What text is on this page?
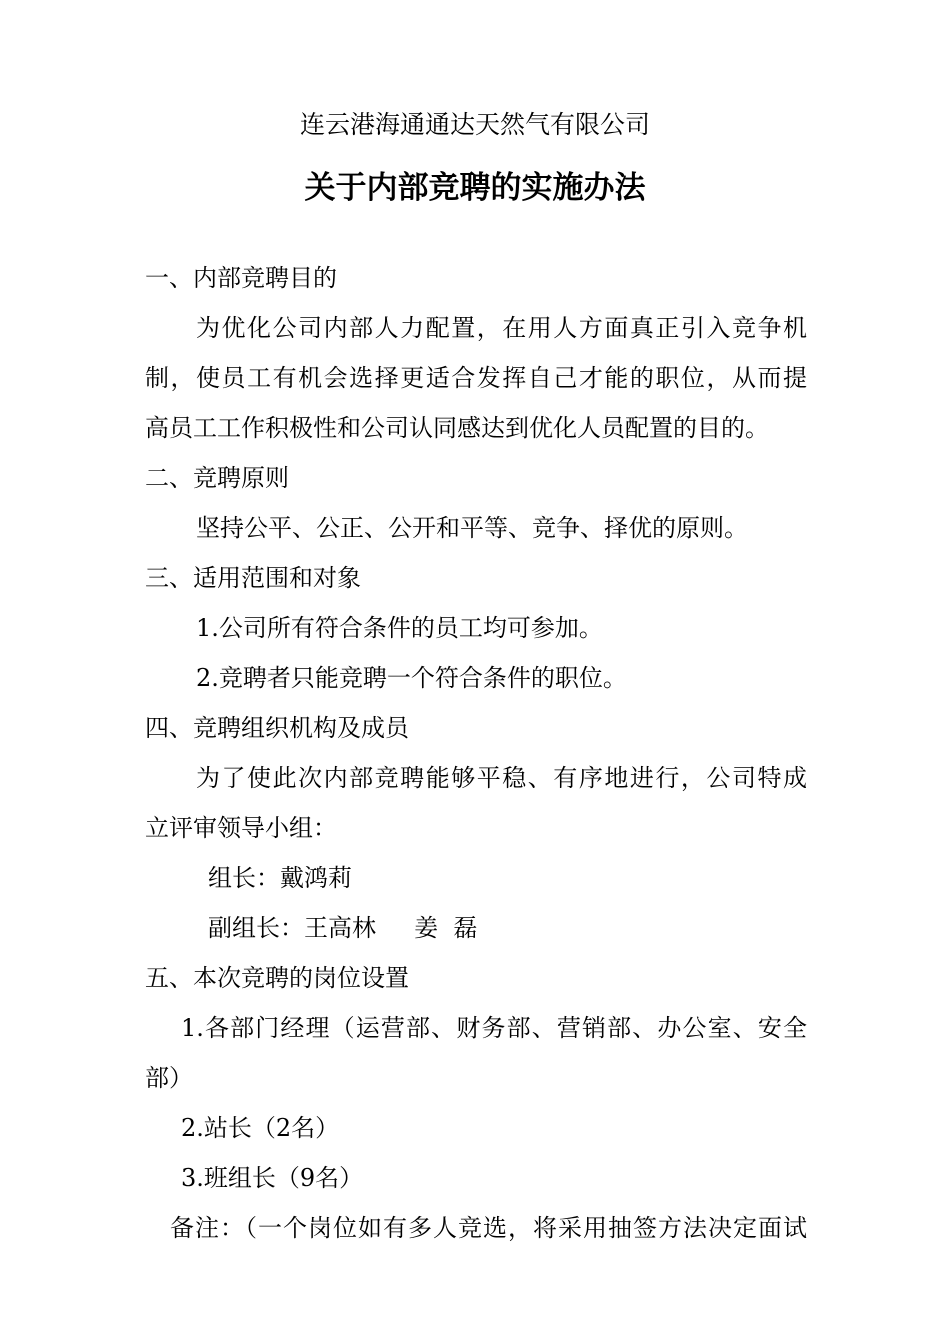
连云港海通通达天然气有限公司
关于内部竞聘的实施办法
一、内部竞聘目的
为优化公司内部人力配置，在用人方面真正引入竞争机
制，使员工有机会选择更适合发挥自己才能的职位，从而提
高员工工作积极性和公司认同感达到优化人员配置的目的。
二、竞聘原则
坚持公平、公正、公开和平等、竞争、择优的原则。
三、适用范围和对象
1.公司所有符合条件的员工均可参加。
2.竞聘者只能竞聘一个符合条件的职位。
四、竞聘组织机构及成员
为了使此次内部竞聘能够平稳、有序地进行，公司特成
立评审领导小组：
组长：戴鸿莉
副组长：王高林     姜  磊
五、本次竞聘的岗位设置
1.各部门经理（运营部、财务部、营销部、办公室、安全
部）
2.站长（2名）
3.班组长（9名）
备注：（一个岗位如有多人竞选，将采用抽签方法决定面试
